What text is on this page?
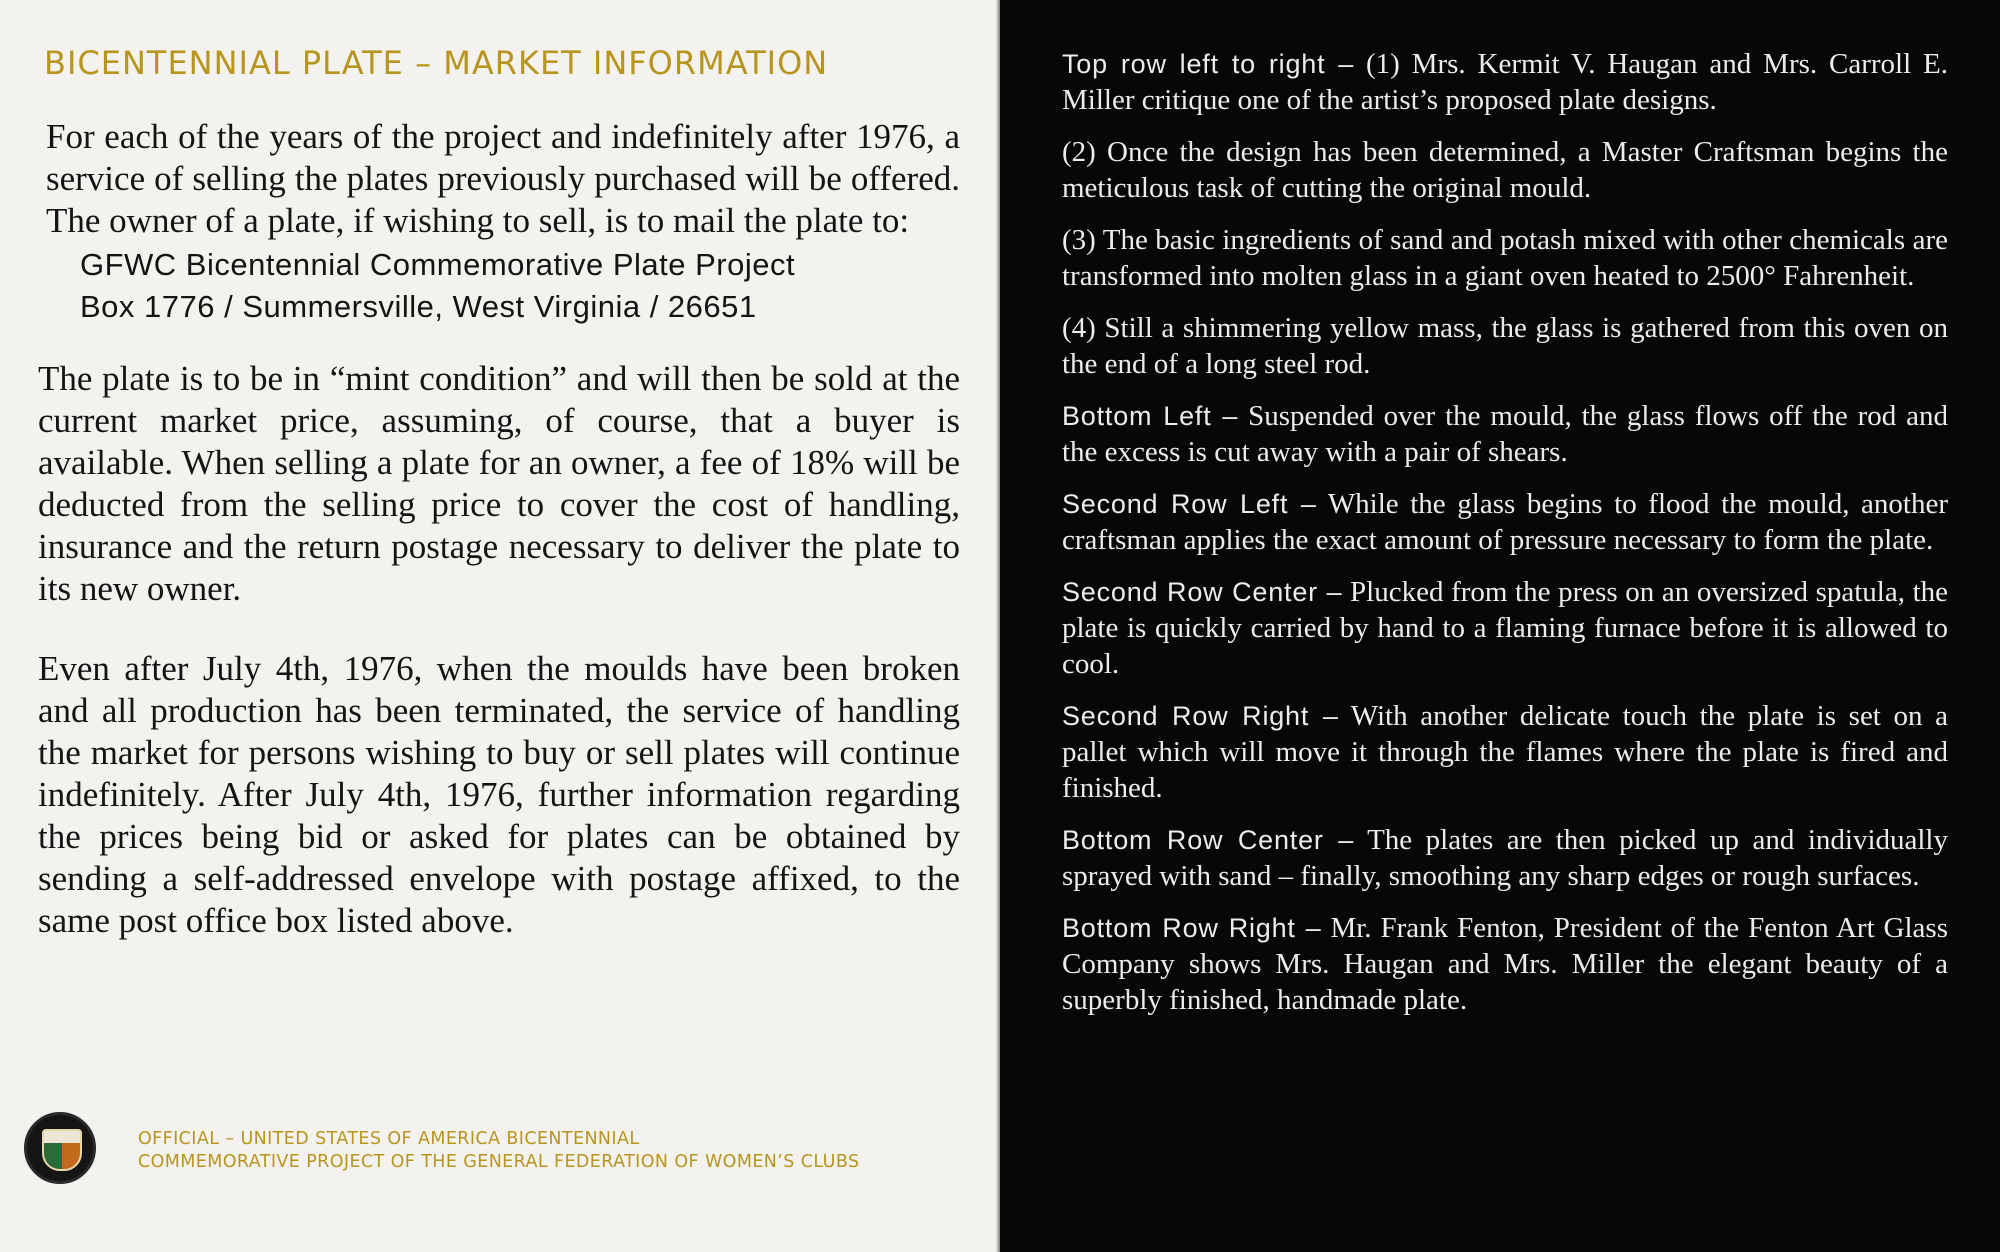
BICENTENNIAL PLATE – MARKET INFORMATION

For each of the years of the project and indefinitely after 1976, a service of selling the plates previously purchased will be offered. The owner of a plate, if wishing to sell, is to mail the plate to:

GFWC Bicentennial Commemorative Plate Project
Box 1776 / Summersville, West Virginia / 26651

The plate is to be in “mint condition” and will then be sold at the current market price, assuming, of course, that a buyer is available. When selling a plate for an owner, a fee of 18% will be deducted from the selling price to cover the cost of handling, insurance and the return postage necessary to deliver the plate to its new owner.

Even after July 4th, 1976, when the moulds have been broken and all production has been terminated, the service of handling the market for persons wishing to buy or sell plates will continue indefinitely. After July 4th, 1976, further information regarding the prices being bid or asked for plates can be obtained by sending a self-addressed envelope with postage affixed, to the same post office box listed above.

OFFICIAL – UNITED STATES OF AMERICA BICENTENNIAL
COMMEMORATIVE PROJECT OF THE GENERAL FEDERATION OF WOMEN’S CLUBS

Top row left to right – (1) Mrs. Kermit V. Haugan and Mrs. Carroll E. Miller critique one of the artist’s proposed plate designs.

(2) Once the design has been determined, a Master Craftsman begins the meticulous task of cutting the original mould.

(3) The basic ingredients of sand and potash mixed with other chemicals are transformed into molten glass in a giant oven heated to 2500° Fahrenheit.

(4) Still a shimmering yellow mass, the glass is gathered from this oven on the end of a long steel rod.

Bottom Left – Suspended over the mould, the glass flows off the rod and the excess is cut away with a pair of shears.

Second Row Left – While the glass begins to flood the mould, another craftsman applies the exact amount of pressure necessary to form the plate.

Second Row Center – Plucked from the press on an oversized spatula, the plate is quickly carried by hand to a flaming furnace before it is allowed to cool.

Second Row Right – With another delicate touch the plate is set on a pallet which will move it through the flames where the plate is fired and finished.

Bottom Row Center – The plates are then picked up and individually sprayed with sand – finally, smoothing any sharp edges or rough surfaces.

Bottom Row Right – Mr. Frank Fenton, President of the Fenton Art Glass Company shows Mrs. Haugan and Mrs. Miller the elegant beauty of a superbly finished, handmade plate.
